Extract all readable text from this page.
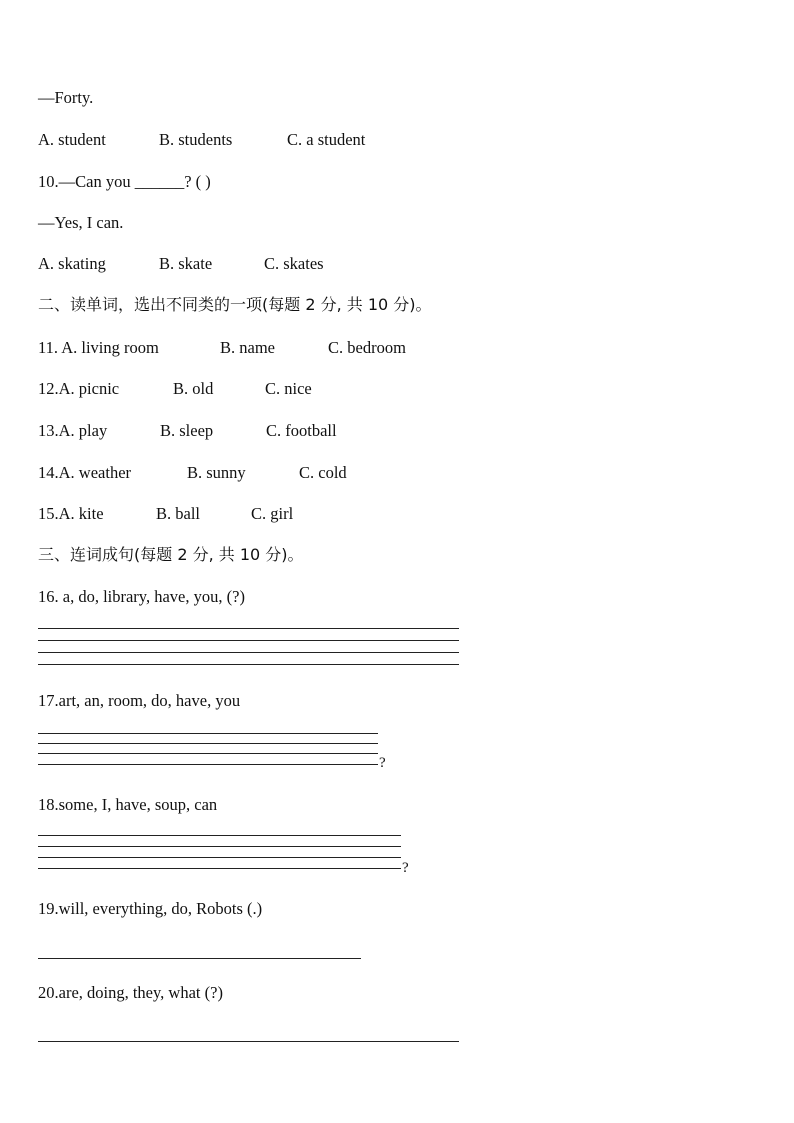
—Forty.
A. student	B. students	C. a student
10.—Can you ______? ( )
—Yes, I can.
A. skating	B. skate	C. skates
二、读单词，选出不同类的一项(每题 2 分, 共 10 分)。
11. A. living room	B. name	C. bedroom
12.A. picnic	B. old	C. nice
13.A. play	B. sleep	C. football
14.A. weather	B. sunny	C. cold
15.A. kite	B. ball	C. girl
三、连词成句(每题 2 分, 共 10 分)。
16. a, do, library, have, you, (?)
17.art, an, room, do, have, you
?
18.some, I, have, soup, can
?
19.will, everything, do, Robots (.)
20.are, doing, they, what (?)
